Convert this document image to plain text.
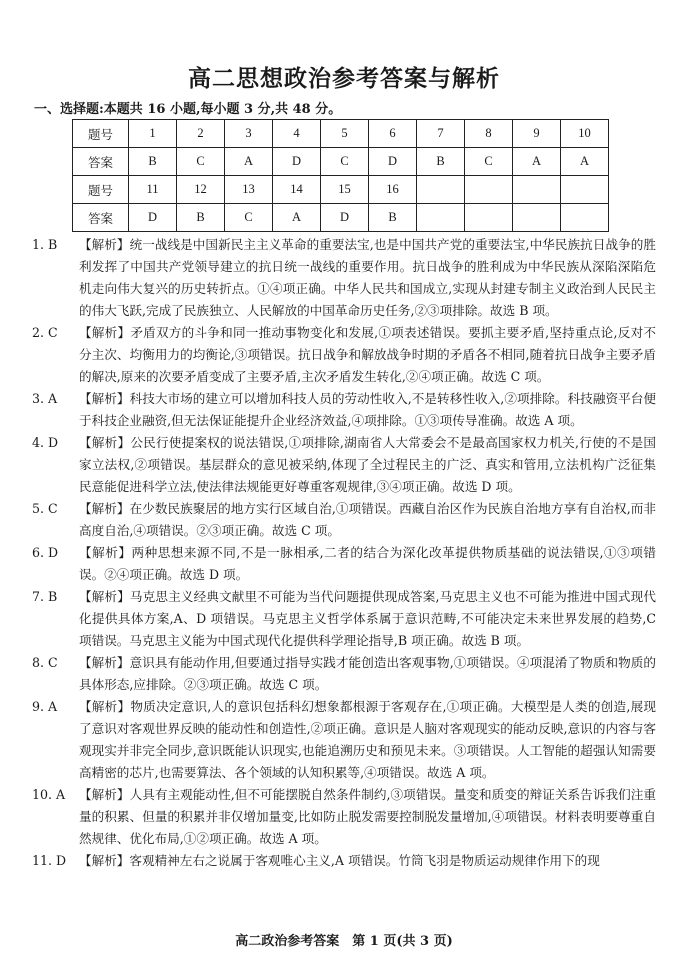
高二思想政治参考答案与解析
一、选择题:本题共 16 小题,每小题 3 分,共 48 分。
题号	1	2	3	4	5	6	7	8	9	10
答案	B	C	A	D	C	D	B	C	A	A
题号	11	12	13	14	15	16				
答案	D	B	C	A	D	B				
1. B	【解析】统一战线是中国新民主主义革命的重要法宝,也是中国共产党的重要法宝,中华民族抗日战争的胜利发挥了中国共产党领导建立的抗日统一战线的重要作用。抗日战争的胜利成为中华民族从深陷深陷危机走向伟大复兴的历史转折点。①④项正确。中华人民共和国成立,实现从封建专制主义政治到人民民主的伟大飞跃,完成了民族独立、人民解放的中国革命历史任务,②③项排除。故选 B 项。
2. C	【解析】矛盾双方的斗争和同一推动事物变化和发展,①项表述错误。要抓主要矛盾,坚持重点论,反对不分主次、均衡用力的均衡论,③项错误。抗日战争和解放战争时期的矛盾各不相同,随着抗日战争主要矛盾的解决,原来的次要矛盾变成了主要矛盾,主次矛盾发生转化,②④项正确。故选 C 项。
3. A	【解析】科技大市场的建立可以增加科技人员的劳动性收入,不是转移性收入,②项排除。科技融资平台便于科技企业融资,但无法保证能提升企业经济效益,④项排除。①③项传导准确。故选 A 项。
4. D	【解析】公民行使提案权的说法错误,①项排除,湖南省人大常委会不是最高国家权力机关,行使的不是国家立法权,②项错误。基层群众的意见被采纳,体现了全过程民主的广泛、真实和管用,立法机构广泛征集民意能促进科学立法,使法律法规能更好尊重客观规律,③④项正确。故选 D 项。
5. C	【解析】在少数民族聚居的地方实行区域自治,①项错误。西藏自治区作为民族自治地方享有自治权,而非高度自治,④项错误。②③项正确。故选 C 项。
6. D	【解析】两种思想来源不同,不是一脉相承,二者的结合为深化改革提供物质基础的说法错误,①③项错误。②④项正确。故选 D 项。
7. B	【解析】马克思主义经典文献里不可能为当代问题提供现成答案,马克思主义也不可能为推进中国式现代化提供具体方案,A、D 项错误。马克思主义哲学体系属于意识范畴,不可能决定未来世界发展的趋势,C 项错误。马克思主义能为中国式现代化提供科学理论指导,B 项正确。故选 B 项。
8. C	【解析】意识具有能动作用,但要通过指导实践才能创造出客观事物,①项错误。④项混淆了物质和物质的具体形态,应排除。②③项正确。故选 C 项。
9. A	【解析】物质决定意识,人的意识包括科幻想象都根源于客观存在,①项正确。大模型是人类的创造,展现了意识对客观世界反映的能动性和创造性,②项正确。意识是人脑对客观现实的能动反映,意识的内容与客观现实并非完全同步,意识既能认识现实,也能追溯历史和预见未来。③项错误。人工智能的超强认知需要高精密的芯片,也需要算法、各个领域的认知积累等,④项错误。故选 A 项。
10. A	【解析】人具有主观能动性,但不可能摆脱自然条件制约,③项错误。量变和质变的辩证关系告诉我们注重量的积累、但量的积累并非仅增加量变,比如防止脱发需要控制脱发量增加,④项错误。材料表明要尊重自然规律、优化布局,①②项正确。故选 A 项。
11. D	【解析】客观精神左右之说属于客观唯心主义,A 项错误。竹筒飞羽是物质运动规律作用下的现
高二政治参考答案　第 1 页(共 3 页)
